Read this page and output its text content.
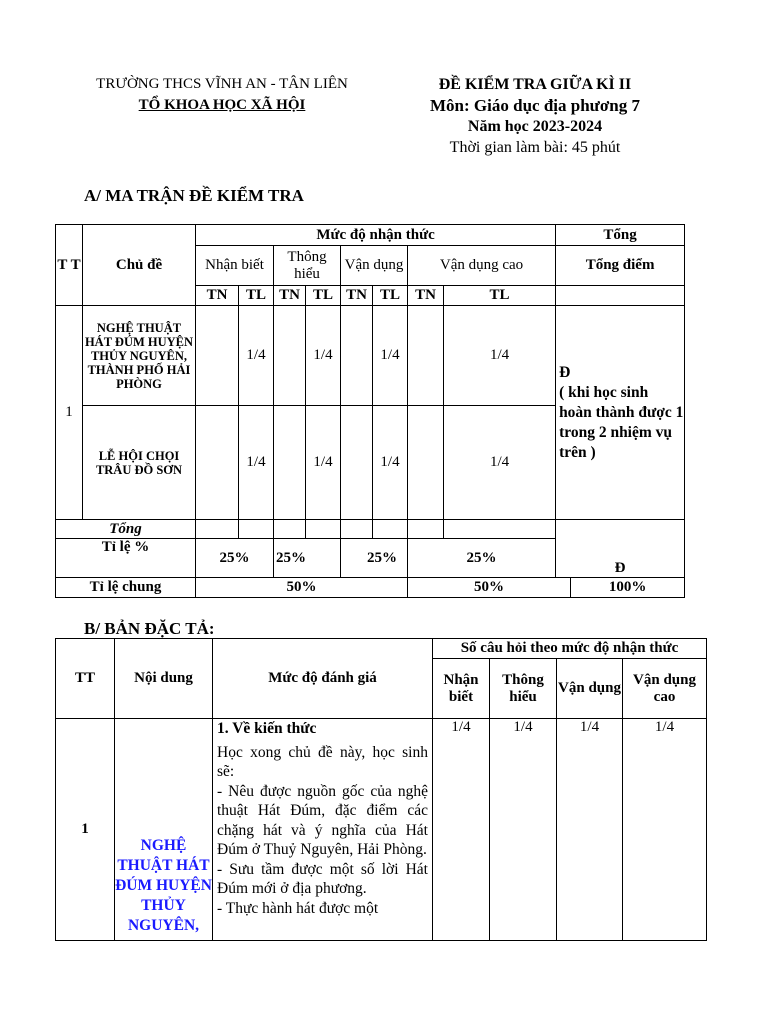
TRƯỜNG THCS VĨNH AN - TÂN LIÊN
TỔ KHOA HỌC XÃ HỘI
ĐỀ KIỂM TRA GIỮA KÌ II
Môn: Giáo dục địa phương 7
Năm học 2023-2024
Thời gian làm bài: 45 phút
A/ MA TRẬN ĐỀ KIỂM TRA
T T	Chủ đề	Mức độ nhận thức								Tổng	
		Nhận biết		Thông hiểu		Vận dụng		Vận dụng cao		Tổng điểm	
		TN	TL	TN	TL	TN	TL	TN	TL		
1	NGHỆ THUẬT HÁT ĐÚM HUYỆN THỦY NGUYÊN, THÀNH PHỐ HẢI PHÒNG		1/4		1/4		1/4		1/4	Đ
( khi học sinh hoàn thành được 1 trong 2 nhiệm vụ trên )	

	LỄ HỘI CHỌI TRÂU ĐỒ SƠN		1/4		1/4		1/4		1/4		
Tổng										Đ	
Tỉ lệ %		25%		25%		25%		25%			
Tỉ lệ chung		50%						50%			100%
B/ BẢN ĐẶC TẢ:
TT	Nội dung	Mức độ đánh giá	Số câu hỏi theo mức độ nhận thức			
			Nhận biết	Thông hiểu	Vận dụng	Vận dụng cao
1	NGHỆ THUẬT HÁT ĐÚM HUYỆN THỦY NGUYÊN,	1. Về kiến thức
Học xong chủ đề này, học sinh sẽ:
- Nêu được nguồn gốc của nghệ thuật Hát Đúm, đặc điểm các chặng hát và ý nghĩa của Hát Đúm ở Thuỷ Nguyên, Hải Phòng.
- Sưu tầm được một số lời Hát Đúm mới ở địa phương.
- Thực hành hát được một	1/4	1/4	1/4	1/4
